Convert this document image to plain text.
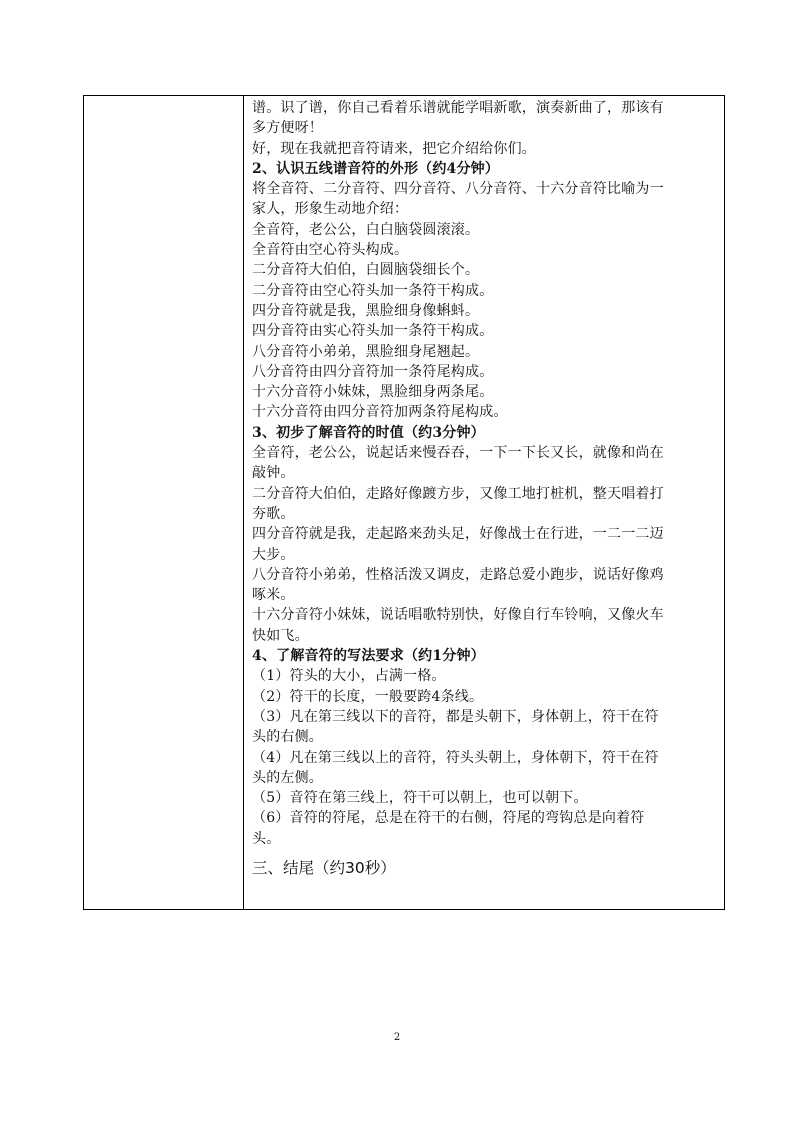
谱。识了谱，你自己看着乐谱就能学唱新歌，演奏新曲了，那该有
多方便呀！
好，现在我就把音符请来，把它介绍给你们。
2、认识五线谱音符的外形（约4分钟）
将全音符、二分音符、四分音符、八分音符、十六分音符比喻为一
家人，形象生动地介绍：
全音符，老公公，白白脑袋圆滚滚。
全音符由空心符头构成。
二分音符大伯伯，白圆脑袋细长个。
二分音符由空心符头加一条符干构成。
四分音符就是我，黑脸细身像蝌蚪。
四分音符由实心符头加一条符干构成。
八分音符小弟弟，黑脸细身尾翘起。
八分音符由四分音符加一条符尾构成。
十六分音符小妹妹，黑脸细身两条尾。
十六分音符由四分音符加两条符尾构成。
3、初步了解音符的时值（约3分钟）
全音符，老公公，说起话来慢吞吞，一下一下长又长，就像和尚在
敲钟。
二分音符大伯伯，走路好像踱方步，又像工地打桩机，整天唱着打
夯歌。
四分音符就是我，走起路来劲头足，好像战士在行进，一二一二迈
大步。
八分音符小弟弟，性格活泼又调皮，走路总爱小跑步，说话好像鸡
啄米。
十六分音符小妹妹，说话唱歌特别快，好像自行车铃响，又像火车
快如飞。
4、了解音符的写法要求（约1分钟）
（1）符头的大小，占满一格。
（2）符干的长度，一般要跨4条线。
（3）凡在第三线以下的音符，都是头朝下，身体朝上，符干在符
头的右侧。
（4）凡在第三线以上的音符，符头头朝上，身体朝下，符干在符
头的左侧。
（5）音符在第三线上，符干可以朝上，也可以朝下。
（6）音符的符尾，总是在符干的右侧，符尾的弯钩总是向着符
头。
三、结尾（约30秒）
2
